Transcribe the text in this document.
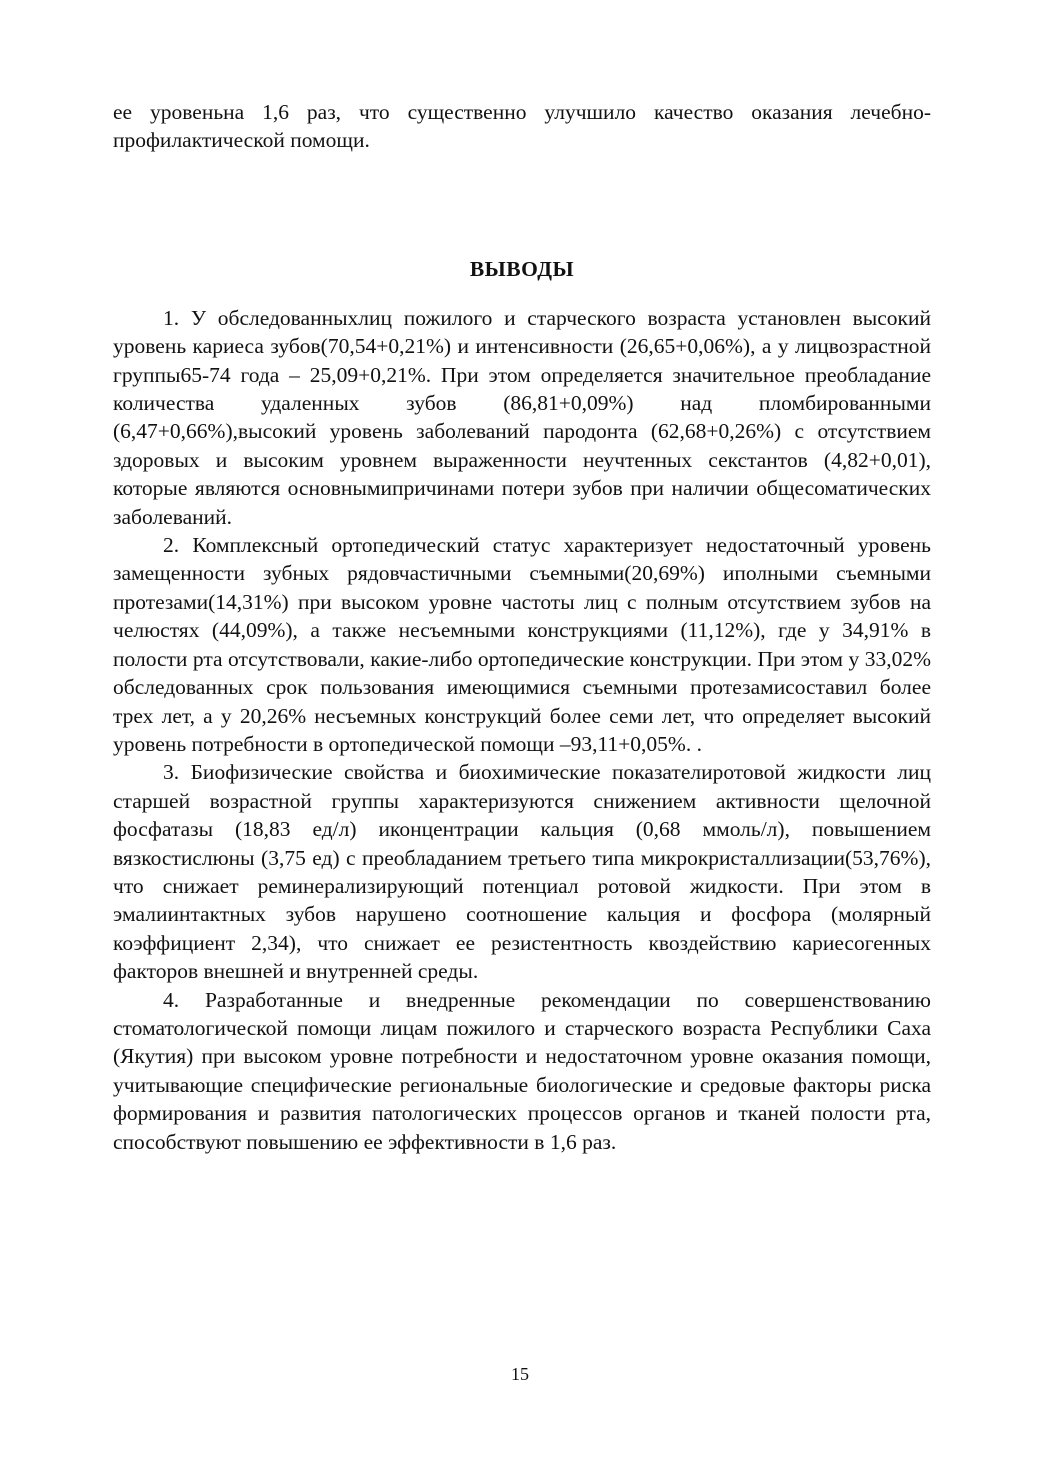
ее уровеньна 1,6 раз, что существенно улучшило качество оказания лечебно-профилактической помощи.

ВЫВОДЫ

1. У обследованныхлиц пожилого и старческого возраста установлен высокий уровень кариеса зубов(70,54+0,21%) и интенсивности (26,65+0,06%), а у лицвозрастной группы65-74 года – 25,09+0,21%. При этом определяется значительное преобладание количества удаленных зубов (86,81+0,09%) над пломбированными (6,47+0,66%),высокий уровень заболеваний пародонта (62,68+0,26%) с отсутствием здоровых и высоким уровнем выраженности неучтенных секстантов (4,82+0,01), которые являются основнымипричинами потери зубов при наличии общесоматических заболеваний.

2. Комплексный ортопедический статус характеризует недостаточный уровень замещенности зубных рядовчастичными съемными(20,69%) иполными съемными протезами(14,31%) при высоком уровне частоты лиц с полным отсутствием зубов на челюстях (44,09%), а также несъемными конструкциями (11,12%), где у 34,91% в полости рта отсутствовали, какие-либо ортопедические конструкции. При этом у 33,02% обследованных срок пользования имеющимися съемными протезамисоставил более трех лет, а у 20,26% несъемных конструкций более семи лет, что определяет высокий уровень потребности в ортопедической помощи –93,11+0,05%. .

3. Биофизические свойства и биохимические показателиротовой жидкости лиц старшей возрастной группы характеризуются снижением активности щелочной фосфатазы (18,83 ед/л) иконцентрации кальция (0,68 ммоль/л), повышением вязкостислюны (3,75 ед) с преобладанием третьего типа микрокристаллизации(53,76%), что снижает реминерализирующий потенциал ротовой жидкости. При этом в эмалиинтактных зубов нарушено соотношение кальция и фосфора (молярный коэффициент 2,34), что снижает ее резистентность квоздействию кариесогенных факторов внешней и внутренней среды.

4. Разработанные и внедренные рекомендации по совершенствованию стоматологической помощи лицам пожилого и старческого возраста Республики Саха (Якутия) при высоком уровне потребности и недостаточном уровне оказания помощи, учитывающие специфические региональные биологические и средовые факторы риска формирования и развития патологических процессов органов и тканей полости рта, способствуют повышению ее эффективности в 1,6 раз.

15
